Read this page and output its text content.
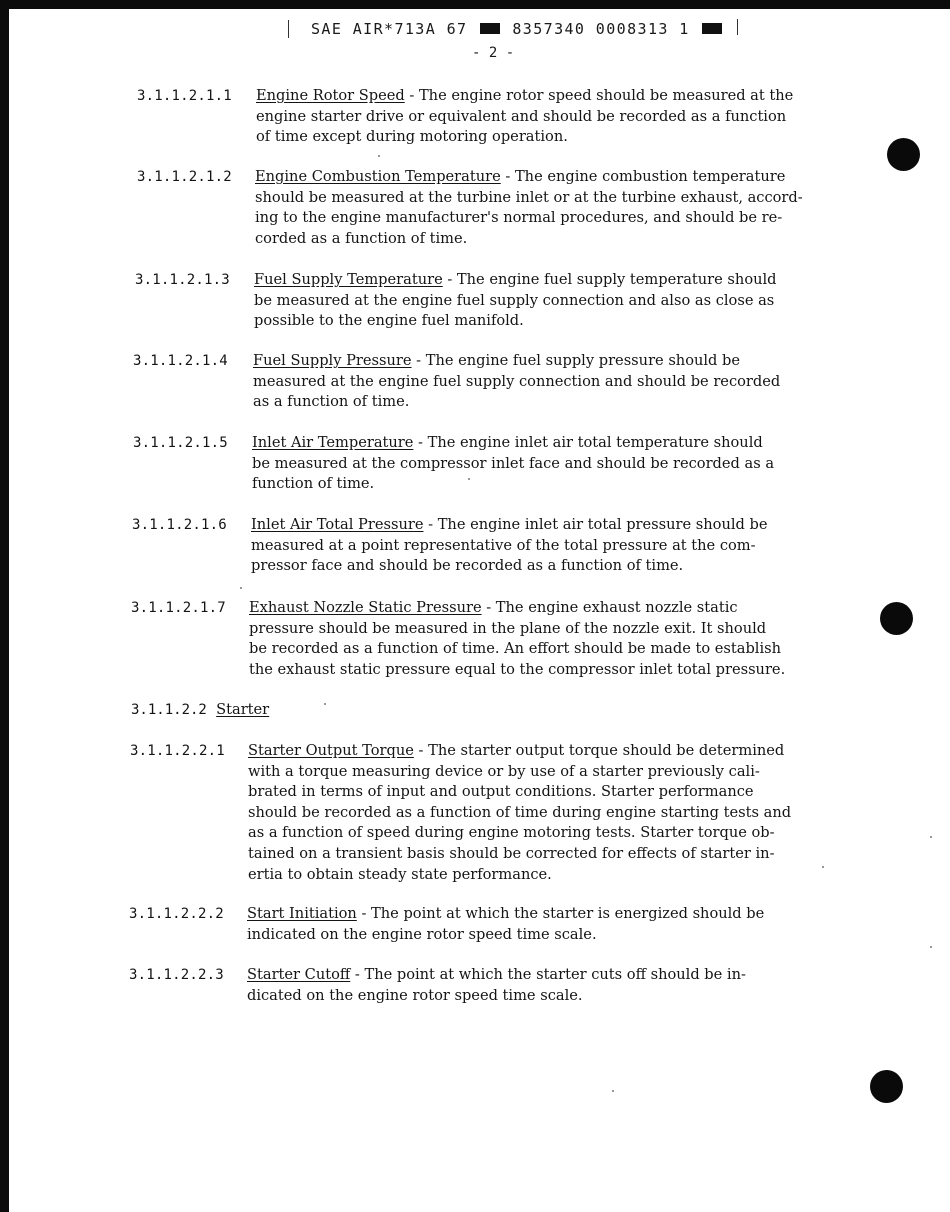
SAE AIR*713A 67	8357340 0008313 1
- 2 -
3.1.1.2.1.1 Engine Rotor Speed - The engine rotor speed should be measured at the
engine starter drive or equivalent and should be recorded as a function
of time except during motoring operation.
3.1.1.2.1.2 Engine Combustion Temperature - The engine combustion temperature
should be measured at the turbine inlet or at the turbine exhaust, accord-
ing to the engine manufacturer's normal procedures, and should be re-
corded as a function of time.
3.1.1.2.1.3 Fuel Supply Temperature - The engine fuel supply temperature should
be measured at the engine fuel supply connection and also as close as
possible to the engine fuel manifold.
3.1.1.2.1.4 Fuel Supply Pressure - The engine fuel supply pressure should be
measured at the engine fuel supply connection and should be recorded
as a function of time.
3.1.1.2.1.5 Inlet Air Temperature - The engine inlet air total temperature should
be measured at the compressor inlet face and should be recorded as a
function of time.
3.1.1.2.1.6 Inlet Air Total Pressure - The engine inlet air total pressure should be
measured at a point representative of the total pressure at the com-
pressor face and should be recorded as a function of time.
3.1.1.2.1.7 Exhaust Nozzle Static Pressure - The engine exhaust nozzle static
pressure should be measured in the plane of the nozzle exit. It should
be recorded as a function of time. An effort should be made to establish
the exhaust static pressure equal to the compressor inlet total pressure.
3.1.1.2.2 Starter
3.1.1.2.2.1 Starter Output Torque - The starter output torque should be determined
with a torque measuring device or by use of a starter previously cali-
brated in terms of input and output conditions. Starter performance
should be recorded as a function of time during engine starting tests and
as a function of speed during engine motoring tests. Starter torque ob-
tained on a transient basis should be corrected for effects of starter in-
ertia to obtain steady state performance.
3.1.1.2.2.2 Start Initiation - The point at which the starter is energized should be
indicated on the engine rotor speed time scale.
3.1.1.2.2.3 Starter Cutoff - The point at which the starter cuts off should be in-
dicated on the engine rotor speed time scale.
